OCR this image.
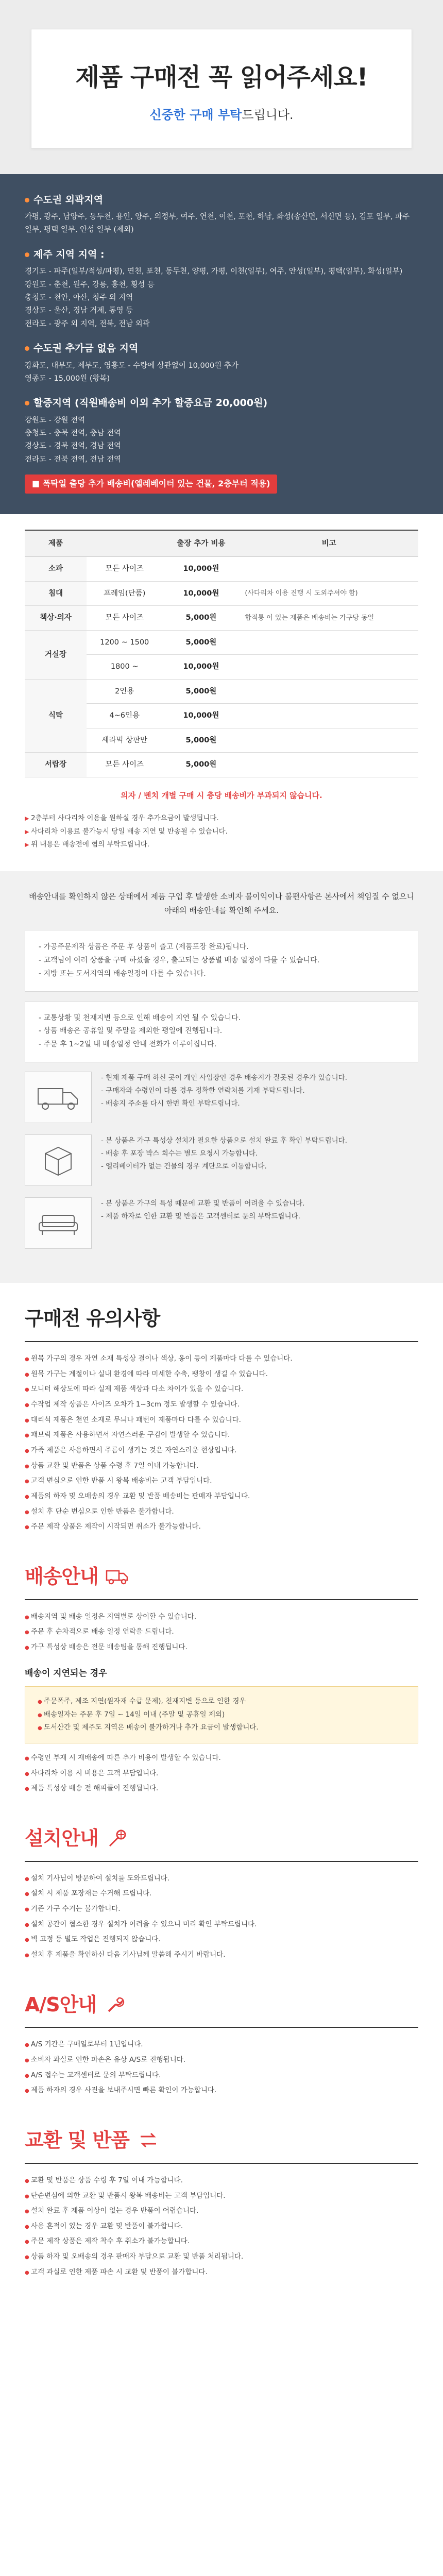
제품 구매전 꼭 읽어주세요!
신중한 구매 부탁드립니다.
수도권 외곽지역
가평, 광주, 남양주, 동두천, 용인, 양주, 의정부, 여주, 연천, 이천, 포천, 하남, 화성(송산면, 서신면 등), 김포 일부, 파주 일부, 평택 일부, 안성 일부 (제외)
제주 지역 지역 :
경기도 - 파주(일부/적성/파평), 연천, 포천, 동두천, 양평, 가평, 이천(일부), 여주, 안성(일부), 평택(일부), 화성(일부)
강원도 - 춘천, 원주, 강릉, 홍천, 횡성 등
충청도 - 천안, 아산, 청주 외 지역
경상도 - 울산, 경남 거제, 통영 등
전라도 - 광주 외 지역, 전북, 전남 외곽
수도권 추가금 없음 지역
강화도, 대부도, 제부도, 영흥도 - 수량에 상관없이 10,000원 추가
영종도 - 15,000원 (왕복)
할증지역 (직원배송비 이외 추가 할증요금 20,000원)
강원도 - 강원 전역
충청도 - 충북 전역, 충남 전역
경상도 - 경북 전역, 경남 전역
전라도 - 전북 전역, 전남 전역
■ 폭탁일 출당 추가 배송비(엘레베이터 있는 건물, 2층부터 적용)
제품		출장 추가 비용	비고
소파	모든 사이즈	10,000원	
침대	프레임(단품)	10,000원	(사다리차 이용 진행 시 도외주셔야 함)
책상·의자	모든 사이즈	5,000원	합적통 이 있는 제품은 배송비는 가구당 동일
거실장	1200 ~ 1500	5,000원	
	1800 ~	10,000원	
식탁	2인용	5,000원	
	4~6인용	10,000원	
	세라믹 상판만	5,000원	
서랍장	모든 사이즈	5,000원	
의자 / 벤치 개별 구매 시 층당 배송비가 부과되지 않습니다.
▶ 2층부터 사다리차 이용을 원하실 경우 추가요금이 발생됩니다.
▶ 사다리차 이용료 불가능시 당일 배송 지연 및 반송될 수 있습니다.
▶ 위 내용은 배송전에 협의 부탁드립니다.
배송안내를 확인하지 않은 상태에서 제품 구입 후 발생한 소비자 불이익이나 불편사항은 본사에서 책임질 수 없으니 아래의 배송안내를 확인해 주세요.
- 가공주문제작 상품은 주문 후 상품이 출고 (제품포장 완료)됩니다.
- 고객님이 여러 상품을 구매 하셨을 경우, 출고되는 상품별 배송 일정이 다를 수 있습니다.
- 지방 또는 도서지역의 배송일정이 다를 수 있습니다.
- 교통상황 및 천재지변 등으로 인해 배송이 지연 될 수 있습니다.
- 상품 배송은 공휴일 및 주말을 제외한 평일에 진행됩니다.
- 주문 후 1~2일 내 배송일정 안내 전화가 이루어집니다.
- 현재 제품 구매 하신 곳이 개인 사업장인 경우 배송지가 잘못된 경우가 있습니다.
- 구매자와 수령인이 다를 경우 정확한 연락처를 기재 부탁드립니다.
- 배송지 주소를 다시 한번 확인 부탁드립니다.
- 본 상품은 가구 특성상 설치가 필요한 상품으로 설치 완료 후 확인 부탁드립니다.
- 배송 후 포장 박스 회수는 별도 요청시 가능합니다.
- 엘리베이터가 없는 건물의 경우 계단으로 이동합니다.
- 본 상품은 가구의 특성 때문에 교환 및 반품이 어려울 수 있습니다.
- 제품 하자로 인한 교환 및 반품은 고객센터로 문의 부탁드립니다.
구매전 유의사항
● 원목 가구의 경우 자연 소재 특성상 결이나 색상, 옹이 등이 제품마다 다를 수 있습니다.
● 원목 가구는 계절이나 실내 환경에 따라 미세한 수축, 팽창이 생길 수 있습니다.
● 모니터 해상도에 따라 실제 제품 색상과 다소 차이가 있을 수 있습니다.
● 수작업 제작 상품은 사이즈 오차가 1~3cm 정도 발생할 수 있습니다.
● 대리석 제품은 천연 소재로 무늬나 패턴이 제품마다 다를 수 있습니다.
● 패브릭 제품은 사용하면서 자연스러운 구김이 발생할 수 있습니다.
● 가죽 제품은 사용하면서 주름이 생기는 것은 자연스러운 현상입니다.
● 상품 교환 및 반품은 상품 수령 후 7일 이내 가능합니다.
● 고객 변심으로 인한 반품 시 왕복 배송비는 고객 부담입니다.
● 제품의 하자 및 오배송의 경우 교환 및 반품 배송비는 판매자 부담입니다.
● 설치 후 단순 변심으로 인한 반품은 불가합니다.
● 주문 제작 상품은 제작이 시작되면 취소가 불가능합니다.
배송안내
● 배송지역 및 배송 일정은 지역별로 상이할 수 있습니다.
● 주문 후 순차적으로 배송 일정 연락을 드립니다.
● 가구 특성상 배송은 전문 배송팀을 통해 진행됩니다.
배송이 지연되는 경우
● 주문폭주, 제조 지연(원자재 수급 문제), 천재지변 등으로 인한 경우
● 배송일자는 주문 후 7일 ~ 14일 이내 (주말 및 공휴일 제외)
● 도서산간 및 제주도 지역은 배송이 불가하거나 추가 요금이 발생합니다.
● 수령인 부재 시 재배송에 따른 추가 비용이 발생할 수 있습니다.
● 사다리차 이용 시 비용은 고객 부담입니다.
● 제품 특성상 배송 전 해피콜이 진행됩니다.
설치안내
● 설치 기사님이 방문하여 설치를 도와드립니다.
● 설치 시 제품 포장재는 수거해 드립니다.
● 기존 가구 수거는 불가합니다.
● 설치 공간이 협소한 경우 설치가 어려울 수 있으니 미리 확인 부탁드립니다.
● 벽 고정 등 별도 작업은 진행되지 않습니다.
● 설치 후 제품을 확인하신 다음 기사님께 말씀해 주시기 바랍니다.
A/S안내
● A/S 기간은 구매일로부터 1년입니다.
● 소비자 과실로 인한 파손은 유상 A/S로 진행됩니다.
● A/S 접수는 고객센터로 문의 부탁드립니다.
● 제품 하자의 경우 사진을 보내주시면 빠른 확인이 가능합니다.
교환 및 반품
● 교환 및 반품은 상품 수령 후 7일 이내 가능합니다.
● 단순변심에 의한 교환 및 반품시 왕복 배송비는 고객 부담입니다.
● 설치 완료 후 제품 이상이 없는 경우 반품이 어렵습니다.
● 사용 흔적이 있는 경우 교환 및 반품이 불가합니다.
● 주문 제작 상품은 제작 착수 후 취소가 불가능합니다.
● 상품 하자 및 오배송의 경우 판매자 부담으로 교환 및 반품 처리됩니다.
● 고객 과실로 인한 제품 파손 시 교환 및 반품이 불가합니다.
